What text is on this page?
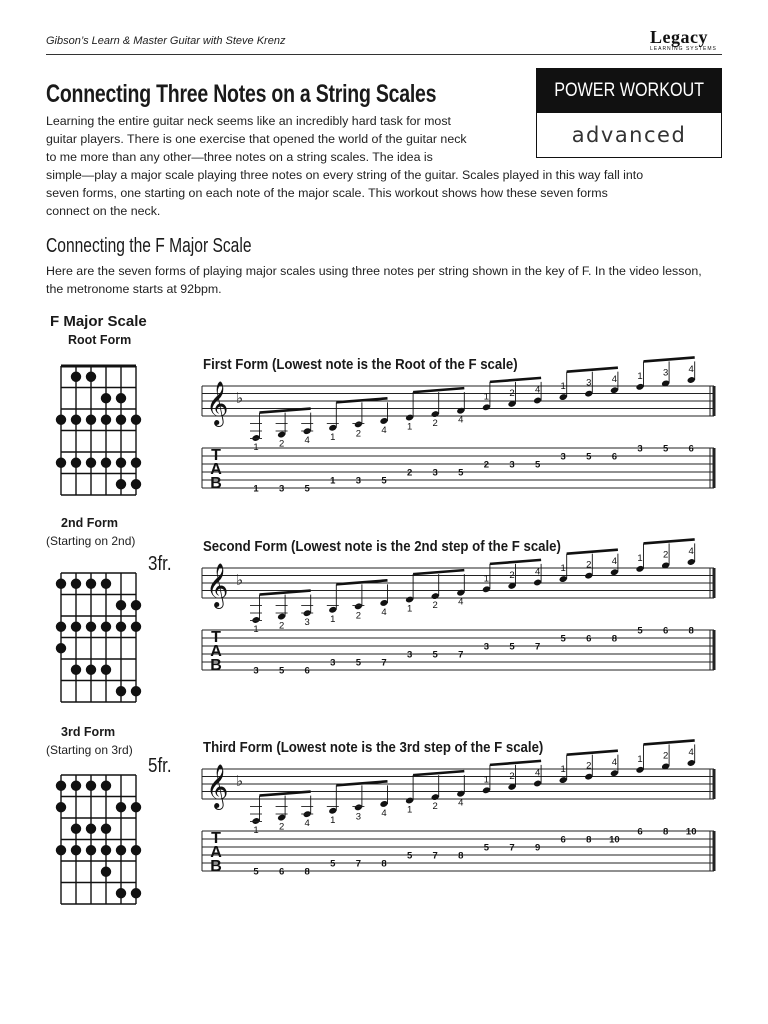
Gibson’s Learn & Master Guitar with Steve Krenz	Legacy
LEARNING SYSTEMS
POWER WORKOUT
advanced
Connecting Three Notes on a String Scales
Learning the entire guitar neck seems like an incredibly hard task for most
guitar players. There is one exercise that opened the world of the guitar neck
to me more than any other—three notes on a string scales. The idea is
simple—play a major scale playing three notes on every string of the guitar. Scales played in this way fall into
seven forms, one starting on each note of the major scale. This workout shows how these seven forms
connect on the neck.
Connecting the F Major Scale
Here are the seven forms of playing major scales using three notes per string shown in the key of F. In the video lesson, the metronome starts at 92bpm.
F Major Scale
Root Form
2nd Form
(Starting on 2nd)
3fr.
3rd Form
(Starting on 3rd)
5fr.
First Form (Lowest note is the Root of the F scale)
𝄞 ♭
1 2 4 1 2 4 1 2 4
1 2 4 1 3 4 1 3 4
T
A
B	1 3 5
1 3 5
2 3 5
2 3 5
3 5 6
3 5 6
Second Form (Lowest note is the 2nd step of the F scale)
𝄞 ♭
1 2 3 1 2 4 1 2 4
1 2 4 1 2 4 1 2 4
T
A
B	3 5 6
3 5 7
3 5 7
3 5 7
5 6 8
5 6 8
Third Form (Lowest note is the 3rd step of the F scale)
𝄞 ♭
1 2 4 1 3 4 1 2 4
1 2 4 1 2 4 1 2 4
T
A
B	5 6 8
5 7 8
5 7 8
5 7 9
6 8 10
6 8 10
